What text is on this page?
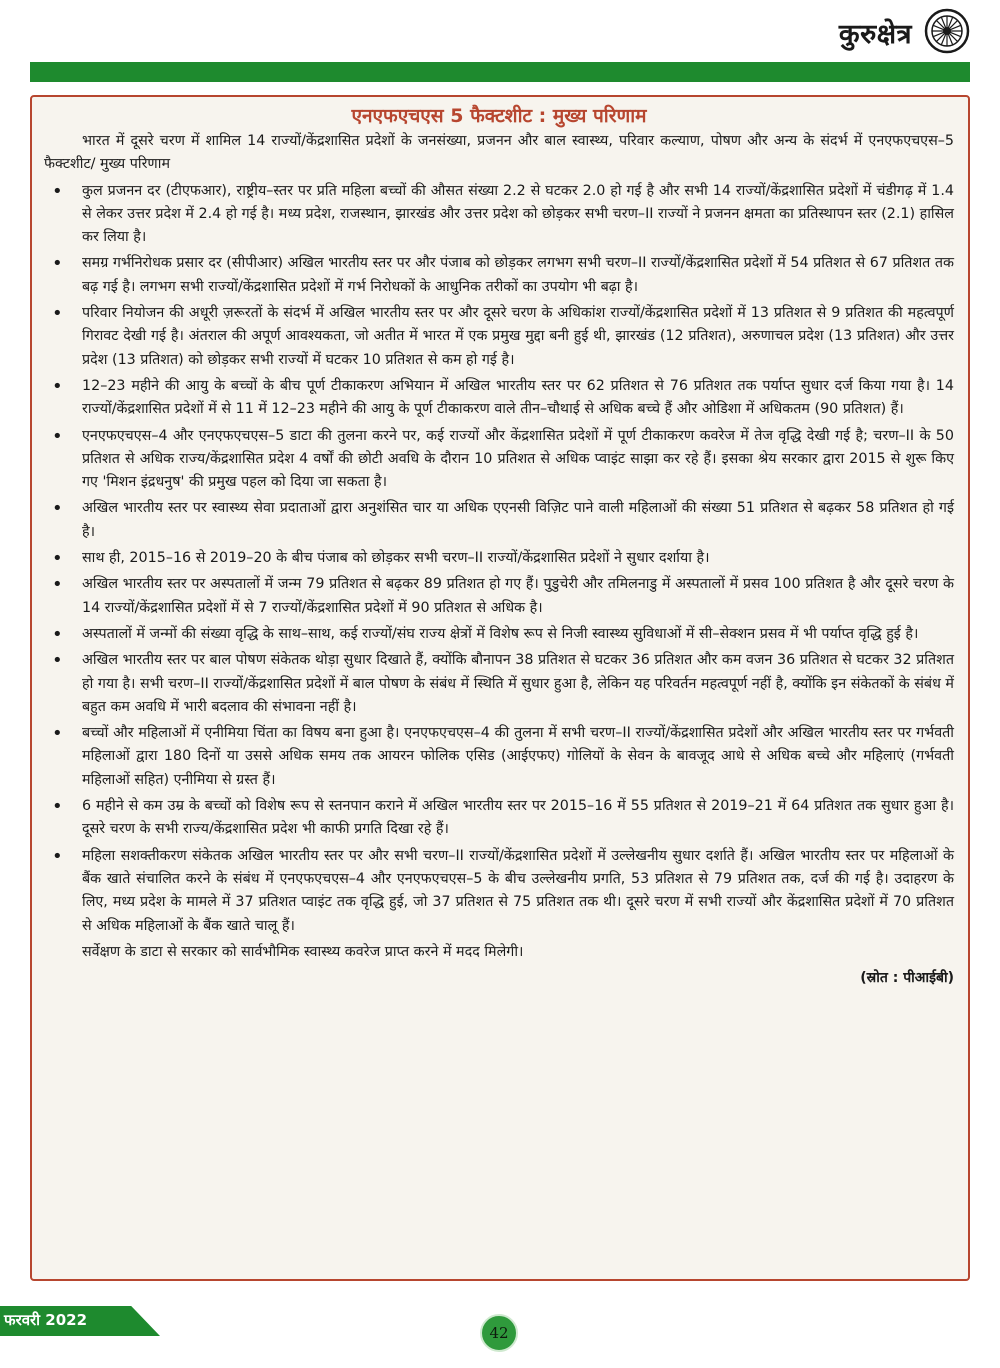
कुरुक्षेत्र
एनएफएचएस 5 फैक्टशीट : मुख्य परिणाम

भारत में दूसरे चरण में शामिल 14 राज्यों/केंद्रशासित प्रदेशों के जनसंख्या, प्रजनन और बाल स्वास्थ्य, परिवार कल्याण, पोषण और अन्य के संदर्भ में एनएफएचएस–5 फैक्टशीट/ मुख्य परिणाम

• कुल प्रजनन दर (टीएफआर), राष्ट्रीय–स्तर पर प्रति महिला बच्चों की औसत संख्या 2.2 से घटकर 2.0 हो गई है और सभी 14 राज्यों/केंद्रशासित प्रदेशों में चंडीगढ़ में 1.4 से लेकर उत्तर प्रदेश में 2.4 हो गई है। मध्य प्रदेश, राजस्थान, झारखंड और उत्तर प्रदेश को छोड़कर सभी चरण–II राज्यों ने प्रजनन क्षमता का प्रतिस्थापन स्तर (2.1) हासिल कर लिया है।
• समग्र गर्भनिरोधक प्रसार दर (सीपीआर) अखिल भारतीय स्तर पर और पंजाब को छोड़कर लगभग सभी चरण–II राज्यों/केंद्रशासित प्रदेशों में 54 प्रतिशत से 67 प्रतिशत तक बढ़ गई है। लगभग सभी राज्यों/केंद्रशासित प्रदेशों में गर्भ निरोधकों के आधुनिक तरीकों का उपयोग भी बढ़ा है।
• परिवार नियोजन की अधूरी ज़रूरतों के संदर्भ में अखिल भारतीय स्तर पर और दूसरे चरण के अधिकांश राज्यों/केंद्रशासित प्रदेशों में 13 प्रतिशत से 9 प्रतिशत की महत्वपूर्ण गिरावट देखी गई है। अंतराल की अपूर्ण आवश्यकता, जो अतीत में भारत में एक प्रमुख मुद्दा बनी हुई थी, झारखंड (12 प्रतिशत), अरुणाचल प्रदेश (13 प्रतिशत) और उत्तर प्रदेश (13 प्रतिशत) को छोड़कर सभी राज्यों में घटकर 10 प्रतिशत से कम हो गई है।
• 12–23 महीने की आयु के बच्चों के बीच पूर्ण टीकाकरण अभियान में अखिल भारतीय स्तर पर 62 प्रतिशत से 76 प्रतिशत तक पर्याप्त सुधार दर्ज किया गया है। 14 राज्यों/केंद्रशासित प्रदेशों में से 11 में 12–23 महीने की आयु के पूर्ण टीकाकरण वाले तीन–चौथाई से अधिक बच्चे हैं और ओडिशा में अधिकतम (90 प्रतिशत) हैं।
• एनएफएचएस–4 और एनएफएचएस–5 डाटा की तुलना करने पर, कई राज्यों और केंद्रशासित प्रदेशों में पूर्ण टीकाकरण कवरेज में तेज वृद्धि देखी गई है; चरण–II के 50 प्रतिशत से अधिक राज्य/केंद्रशासित प्रदेश 4 वर्षों की छोटी अवधि के दौरान 10 प्रतिशत से अधिक प्वाइंट साझा कर रहे हैं। इसका श्रेय सरकार द्वारा 2015 से शुरू किए गए 'मिशन इंद्रधनुष' की प्रमुख पहल को दिया जा सकता है।
• अखिल भारतीय स्तर पर स्वास्थ्य सेवा प्रदाताओं द्वारा अनुशंसित चार या अधिक एएनसी विज़िट पाने वाली महिलाओं की संख्या 51 प्रतिशत से बढ़कर 58 प्रतिशत हो गई है।
• साथ ही, 2015–16 से 2019–20 के बीच पंजाब को छोड़कर सभी चरण–II राज्यों/केंद्रशासित प्रदेशों ने सुधार दर्शाया है।
• अखिल भारतीय स्तर पर अस्पतालों में जन्म 79 प्रतिशत से बढ़कर 89 प्रतिशत हो गए हैं। पुडुचेरी और तमिलनाडु में अस्पतालों में प्रसव 100 प्रतिशत है और दूसरे चरण के 14 राज्यों/केंद्रशासित प्रदेशों में से 7 राज्यों/केंद्रशासित प्रदेशों में 90 प्रतिशत से अधिक है।
• अस्पतालों में जन्मों की संख्या वृद्धि के साथ–साथ, कई राज्यों/संघ राज्य क्षेत्रों में विशेष रूप से निजी स्वास्थ्य सुविधाओं में सी–सेक्शन प्रसव में भी पर्याप्त वृद्धि हुई है।
• अखिल भारतीय स्तर पर बाल पोषण संकेतक थोड़ा सुधार दिखाते हैं, क्योंकि बौनापन 38 प्रतिशत से घटकर 36 प्रतिशत और कम वजन 36 प्रतिशत से घटकर 32 प्रतिशत हो गया है। सभी चरण–II राज्यों/केंद्रशासित प्रदेशों में बाल पोषण के संबंध में स्थिति में सुधार हुआ है, लेकिन यह परिवर्तन महत्वपूर्ण नहीं है, क्योंकि इन संकेतकों के संबंध में बहुत कम अवधि में भारी बदलाव की संभावना नहीं है।
• बच्चों और महिलाओं में एनीमिया चिंता का विषय बना हुआ है। एनएफएचएस–4 की तुलना में सभी चरण–II राज्यों/केंद्रशासित प्रदेशों और अखिल भारतीय स्तर पर गर्भवती महिलाओं द्वारा 180 दिनों या उससे अधिक समय तक आयरन फोलिक एसिड (आईएफए) गोलियों के सेवन के बावजूद आधे से अधिक बच्चे और महिलाएं (गर्भवती महिलाओं सहित) एनीमिया से ग्रस्त हैं।
• 6 महीने से कम उम्र के बच्चों को विशेष रूप से स्तनपान कराने में अखिल भारतीय स्तर पर 2015–16 में 55 प्रतिशत से 2019–21 में 64 प्रतिशत तक सुधार हुआ है। दूसरे चरण के सभी राज्य/केंद्रशासित प्रदेश भी काफी प्रगति दिखा रहे हैं।
• महिला सशक्तीकरण संकेतक अखिल भारतीय स्तर पर और सभी चरण–II राज्यों/केंद्रशासित प्रदेशों में उल्लेखनीय सुधार दर्शाते हैं। अखिल भारतीय स्तर पर महिलाओं के बैंक खाते संचालित करने के संबंध में एनएफएचएस–4 और एनएफएचएस–5 के बीच उल्लेखनीय प्रगति, 53 प्रतिशत से 79 प्रतिशत तक, दर्ज की गई है। उदाहरण के लिए, मध्य प्रदेश के मामले में 37 प्रतिशत प्वाइंट तक वृद्धि हुई, जो 37 प्रतिशत से 75 प्रतिशत तक थी। दूसरे चरण में सभी राज्यों और केंद्रशासित प्रदेशों में 70 प्रतिशत से अधिक महिलाओं के बैंक खाते चालू हैं।

सर्वेक्षण के डाटा से सरकार को सार्वभौमिक स्वास्थ्य कवरेज प्राप्त करने में मदद मिलेगी।

(स्रोत : पीआईबी)
फरवरी 2022
42
